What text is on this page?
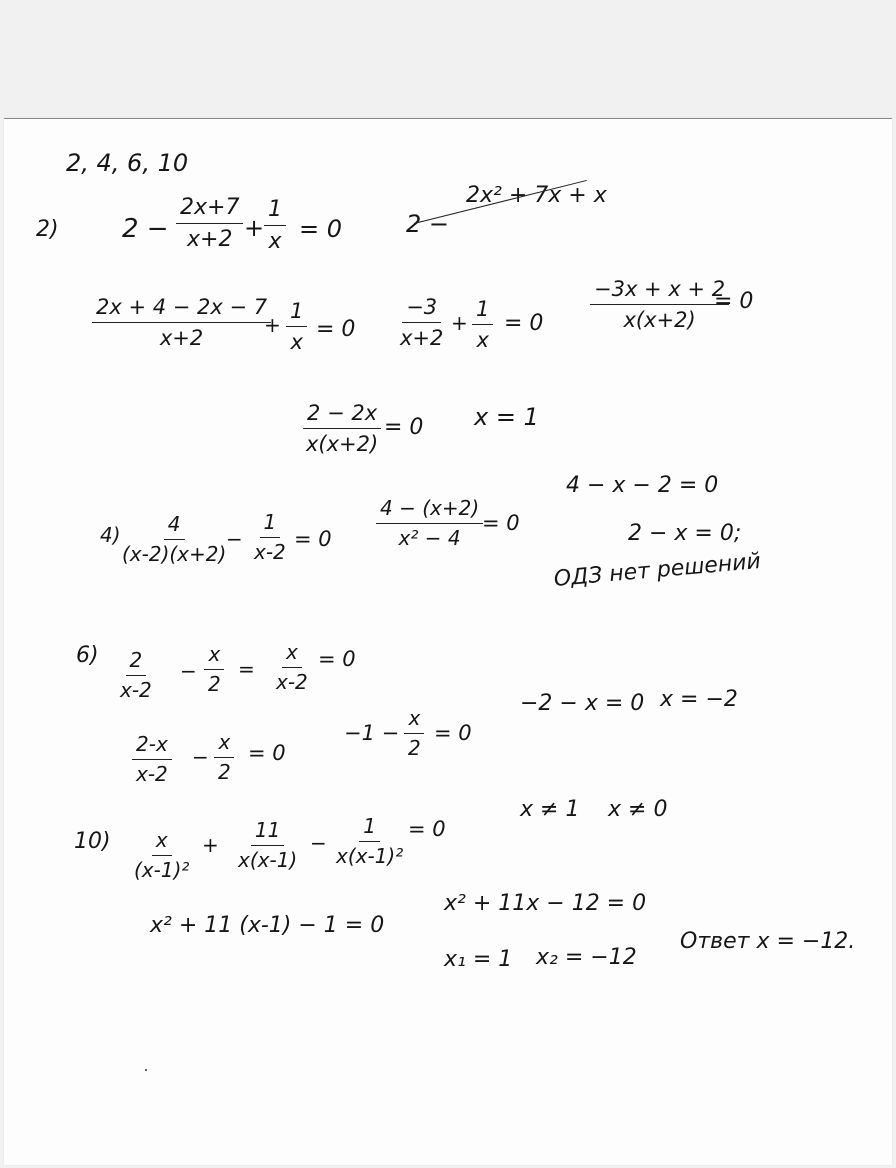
2, 4, 6, 10
2) $2 - \frac{2x+7}{x+2} + \frac{1}{x} = 0$	2 −
2x² + 7x + x
$\frac{2x + 4 - 2x - 7}{x+2}$
+ $\frac{1}{x} = 0 \frac{-3}{x+2} + \frac{1}{x} = 0 \frac{-3x + x + 2}{x(x+2)}$
= 0
$\frac{2 - 2x}{x(x+2)} = 0$ x = 1
4)
$\frac{4}{(x-2)(x+2)}$
− $\frac{1}{x-2} = 0 \frac{4 - (x+2)}{\text{x² − 4}}$
= 0
4 − x − 2 = 0
2 − x = 0;
ОДЗ нет решений
$6) \frac{2}{x-2} - \frac{x}{2} = \frac{x}{x-2} = 0$
$\frac{2-x}{x-2} - \frac{x}{2} = 0$
$-1 - \frac{x}{2} = 0$
−2 − x = 0 x = −2
$10) \frac{x}{\text{(x-1)²}} + \frac{11}{x(x-1)} - \frac{1}{\text{x(x-1)²}} = 0$
x ≠ 1 x ≠ 0
x² + 11 (x-1) − 1 = 0
x² + 11x − 12 = 0
x₁ = 1 x₂ = −12
Ответ x = −12.
